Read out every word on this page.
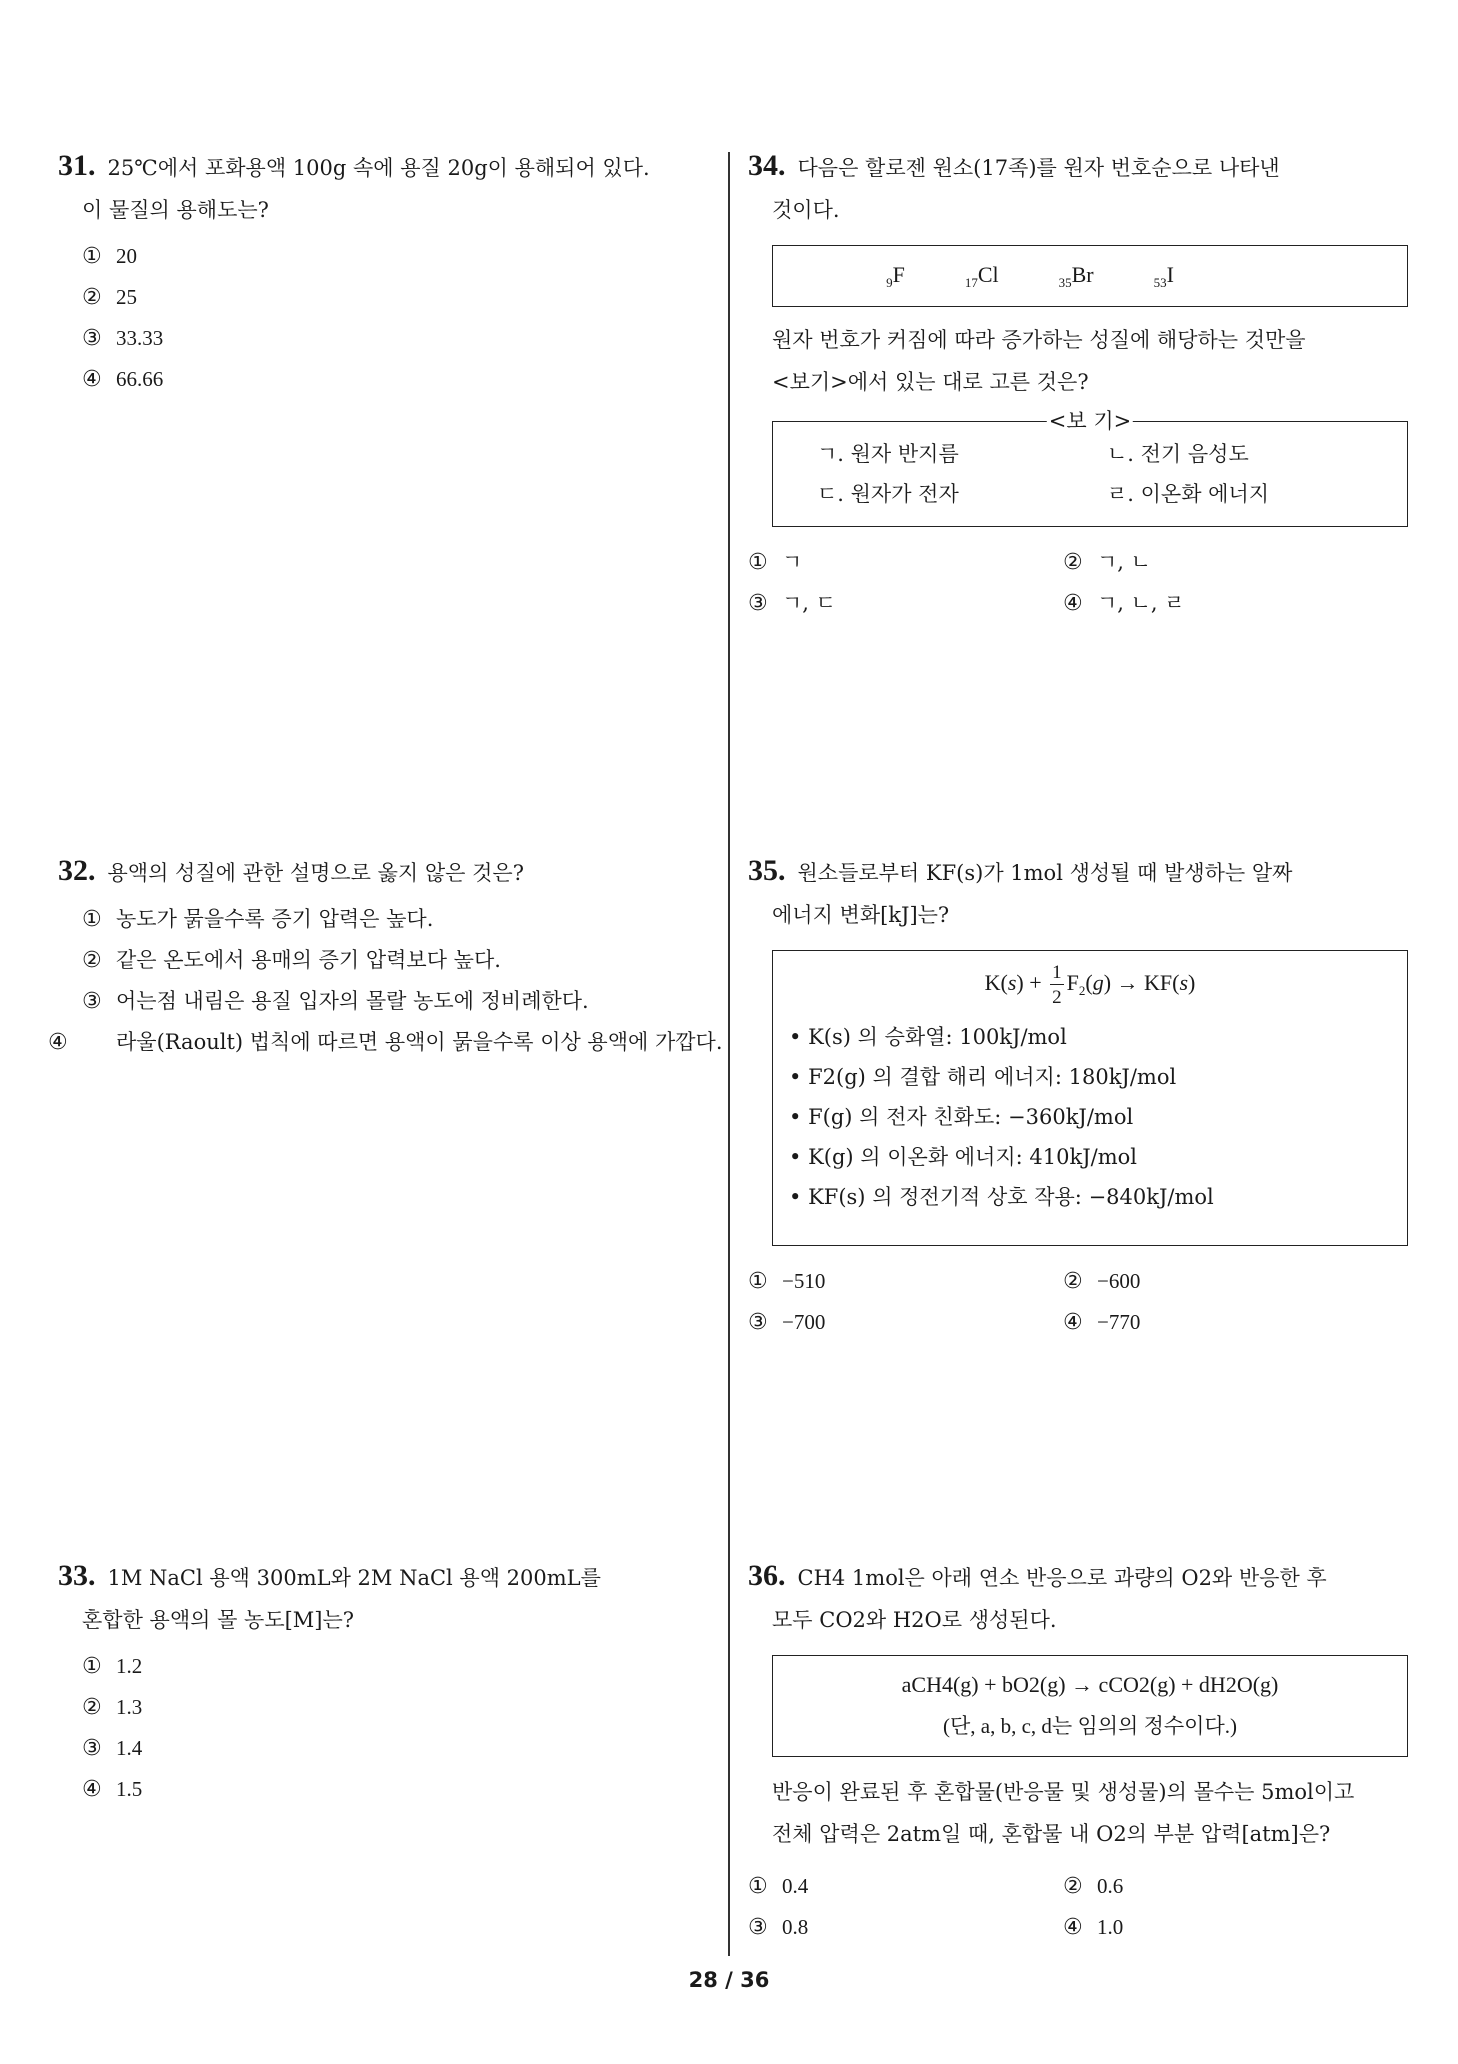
31. 25℃에서 포화용액 100g 속에 용질 20g이 용해되어 있다.
이 물질의 용해도는?
① 20
② 25
③ 33.33
④ 66.66
32. 용액의 성질에 관한 설명으로 옳지 않은 것은?
① 농도가 묽을수록 증기 압력은 높다.
② 같은 온도에서 용매의 증기 압력보다 높다.
③ 어는점 내림은 용질 입자의 몰랄 농도에 정비례한다.
④ 라울(Raoult) 법칙에 따르면 용액이 묽을수록 이상 용액에 가깝다.
33. 1M NaCl 용액 300mL와 2M NaCl 용액 200mL를
혼합한 용액의 몰 농도[M]는?
① 1.2
② 1.3
③ 1.4
④ 1.5
34. 다음은 할로젠 원소(17족)를 원자 번호순으로 나타낸
것이다.
$_9$F	$_{17}$Cl	$_{35}$Br	$_{53}$I
원자 번호가 커짐에 따라 증가하는 성질에 해당하는 것만을
<보기>에서 있는 대로 고른 것은?
<보 기>
ㄱ. 원자 반지름	ㄴ. 전기 음성도
ㄷ. 원자가 전자	ㄹ. 이온화 에너지
① ㄱ	② ㄱ, ㄴ
③ ㄱ, ㄷ	④ ㄱ, ㄴ, ㄹ
35. 원소들로부터 KF(s)가 1mol 생성될 때 발생하는 알짜
에너지 변화[kJ]는?
$K(s) + \frac{1}{2} F_2(g) \to KF(s)$
• K(s) 의 승화열: 100kJ/mol
• F2(g) 의 결합 해리 에너지: 180kJ/mol
• F(g) 의 전자 친화도: −360kJ/mol
• K(g) 의 이온화 에너지: 410kJ/mol
• KF(s) 의 정전기적 상호 작용: −840kJ/mol
① −510	② −600
③ −700	④ −770
36. CH4 1mol은 아래 연소 반응으로 과량의 O2와 반응한 후
모두 CO2와 H2O로 생성된다.
aCH4(g) + bO2(g) → cCO2(g) + dH2O(g)
(단, a, b, c, d는 임의의 정수이다.)
반응이 완료된 후 혼합물(반응물 및 생성물)의 몰수는 5mol이고
전체 압력은 2atm일 때, 혼합물 내 O2의 부분 압력[atm]은?
① 0.4	② 0.6
③ 0.8	④ 1.0
28 / 36
